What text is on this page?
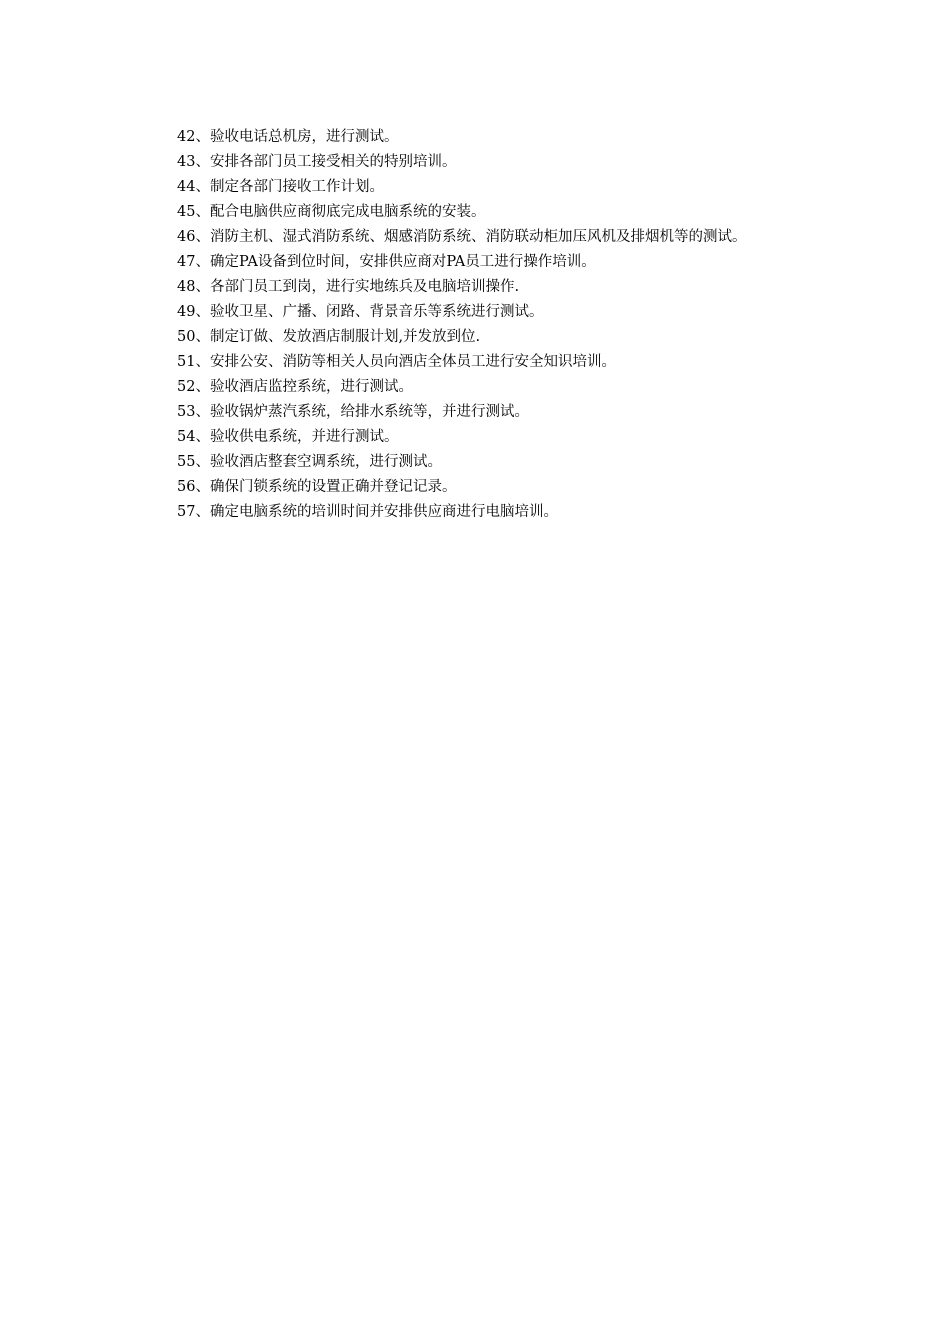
42、验收电话总机房，进行测试。

43、安排各部门员工接受相关的特别培训。

44、制定各部门接收工作计划。

45、配合电脑供应商彻底完成电脑系统的安装。

46、消防主机、湿式消防系统、烟感消防系统、消防联动柜加压风机及排烟机等的测试。

47、确定PA设备到位时间，安排供应商对PA员工进行操作培训。

48、各部门员工到岗，进行实地练兵及电脑培训操作.

49、验收卫星、广播、闭路、背景音乐等系统进行测试。

50、制定订做、发放酒店制服计划,并发放到位.

51、安排公安、消防等相关人员向酒店全体员工进行安全知识培训。

52、验收酒店监控系统，进行测试。

53、验收锅炉蒸汽系统，给排水系统等，并进行测试。

54、验收供电系统，并进行测试。

55、验收酒店整套空调系统，进行测试。

56、确保门锁系统的设置正确并登记记录。

57、确定电脑系统的培训时间并安排供应商进行电脑培训。
